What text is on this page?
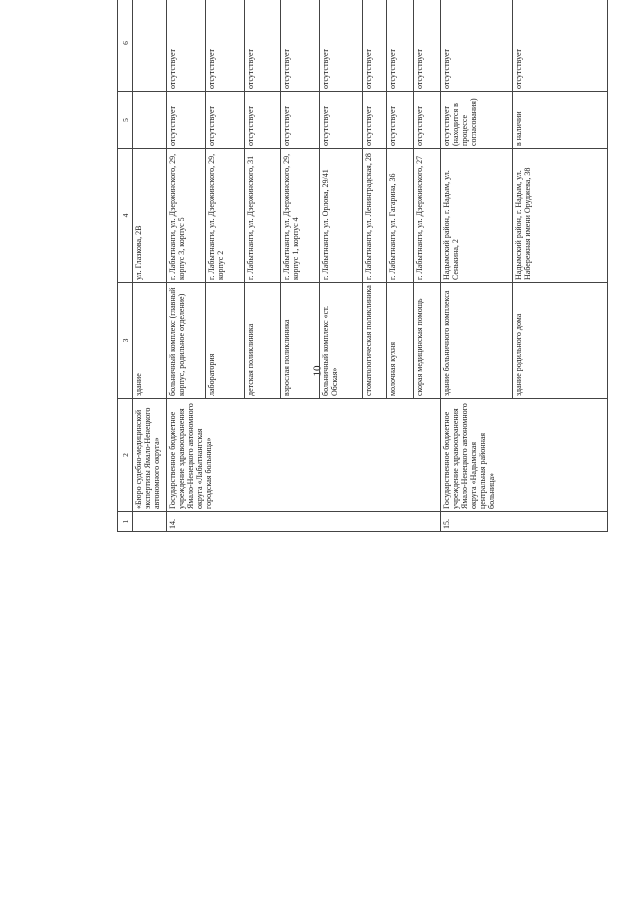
10
1	2	3	4	5	6		
	«Бюро судебно-медицинской экспертизы Ямало-Ненецкого автономного округа»	здание	ул. Глазкова, 2В				
14.	Государственное бюджетное учреждение здравоохранения Ямало-Ненецкого автономного округа «Лабытнангская городская больница»	больничный комплекс (главный корпус, родильное отделение)	г. Лабытнанги, ул. Дзержинского, 29, корпус 3, корпус 5	отсутствует	отсутствует		
		лаборатория	г. Лабытнанги, ул. Дзержинского, 29, корпус 2	отсутствует	отсутствует		
		детская поликлиника	г. Лабытнанги, ул. Дзержинского, 31	отсутствует	отсутствует		
		взрослая поликлиника	г. Лабытнанги, ул. Дзержинского, 29, корпус 1, корпус 4	отсутствует	отсутствует		
		больничный комплекс «ст. Обская»	г. Лабытнанги, ул. Орлова, 29/41	отсутствует	отсутствует		
		стоматологическая поликлиника	г. Лабытнанги, ул. Ленинградская, 28	отсутствует	отсутствует		
		молочная кухня	г. Лабытнанги, ул. Гагарина, 36	отсутствует	отсутствует		
		скорая медицинская помощь	г. Лабытнанги, ул. Дзержинского, 27	отсутствует	отсутствует		
15.	Государственное бюджетное учреждение здравоохранения Ямало-Ненецкого автономного округа «Надымская центральная районная больница»	здание больничного комплекса	Надымский район, г. Надым, ул. Сенькина, 2	отсутствует (находится в процессе согласования)	отсутствует		
		здание родильного дома	Надымский район, г. Надым, ул. Набережная имени Оруджева, 38	в наличии	отсутствует		
